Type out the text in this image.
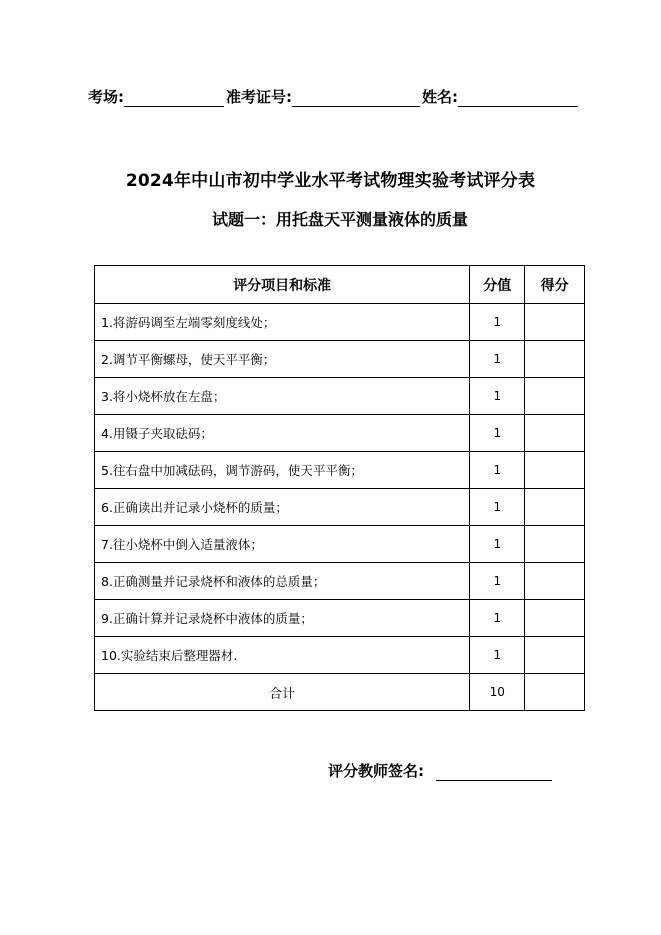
考场:	准考证号:	姓名:
2024年中山市初中学业水平考试物理实验考试评分表
试题一：用托盘天平测量液体的质量
评分项目和标准	分值	得分
1.将游码调至左端零刻度线处；	1	
2.调节平衡螺母，使天平平衡；	1	
3.将小烧杯放在左盘；	1	
4.用镊子夹取砝码；	1	
5.往右盘中加减砝码，调节游码，使天平平衡；	1	
6.正确读出并记录小烧杯的质量；	1	
7.往小烧杯中倒入适量液体；	1	
8.正确测量并记录烧杯和液体的总质量；	1	
9.正确计算并记录烧杯中液体的质量；	1	
10.实验结束后整理器材.	1	
合计	10	
评分教师签名:
